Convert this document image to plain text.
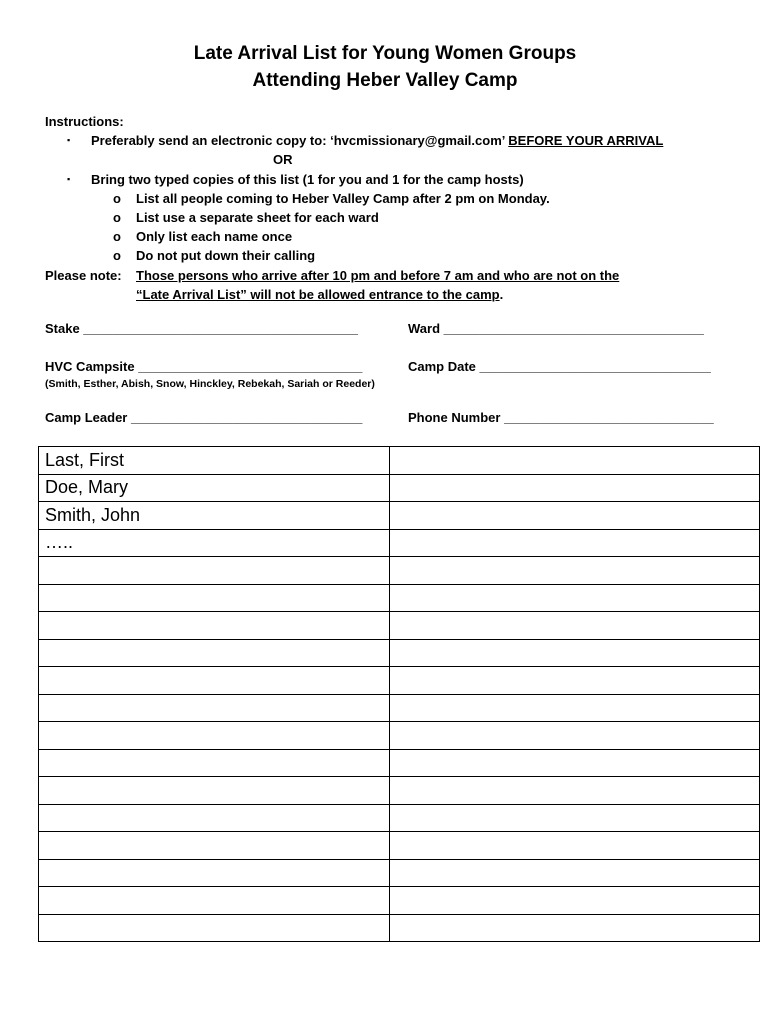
Late Arrival List for Young Women Groups
Attending Heber Valley Camp
Instructions:
▪ Preferably send an electronic copy to: ‘hvcmissionary@gmail.com’ BEFORE YOUR ARRIVAL
OR
▪ Bring two typed copies of this list (1 for you and 1 for the camp hosts)
o List all people coming to Heber Valley Camp after 2 pm on Monday.
o List use a separate sheet for each ward
o Only list each name once
o Do not put down their calling
Please note: Those persons who arrive after 10 pm and before 7 am and who are not on the
“Late Arrival List” will not be allowed entrance to the camp.
Stake ______________________________________	Ward ____________________________________
HVC Campsite _______________________________
(Smith, Esther, Abish, Snow, Hinckley, Rebekah, Sariah or Reeder)
Camp Date ________________________________
Camp Leader ________________________________	Phone Number _____________________________
Last, First	
Doe, Mary	
Smith, John	
…..	
